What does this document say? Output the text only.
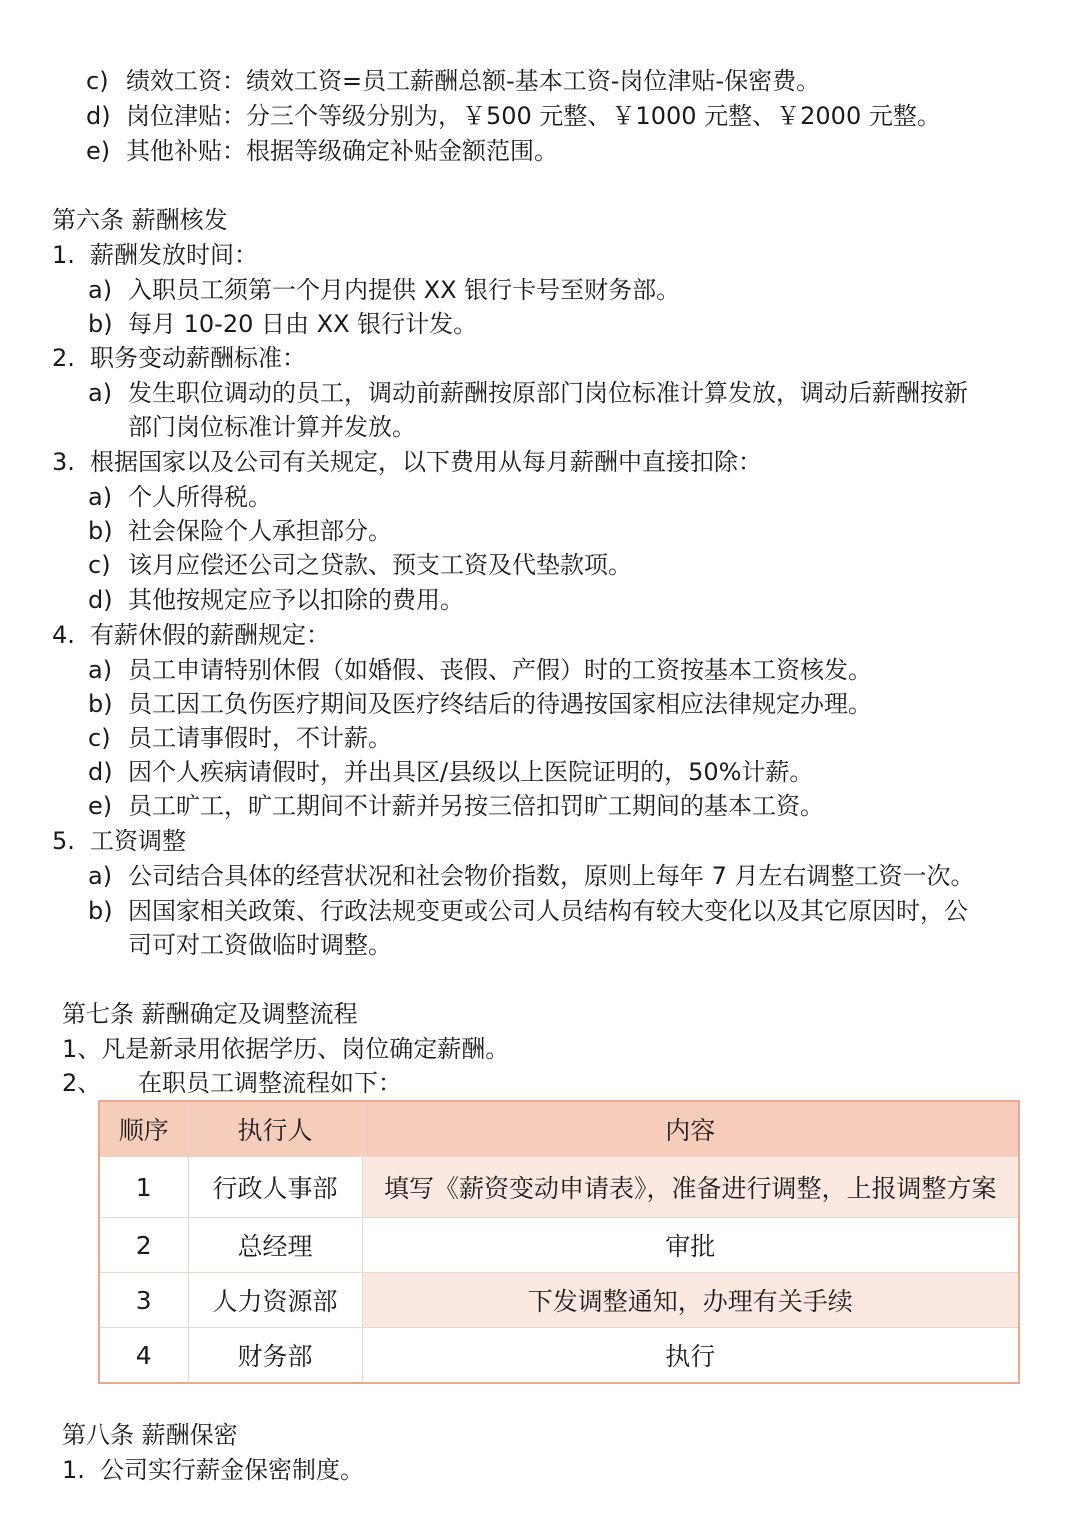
c) 绩效工资：绩效工资=员工薪酬总额-基本工资-岗位津贴-保密费。
d) 岗位津贴：分三个等级分别为，￥500 元整、￥1000 元整、￥2000 元整。
e) 其他补贴：根据等级确定补贴金额范围。
第六条 薪酬核发
1. 薪酬发放时间：
a) 入职员工须第一个月内提供 XX 银行卡号至财务部。
b) 每月 10-20 日由 XX 银行计发。
2. 职务变动薪酬标准：
a) 发生职位调动的员工，调动前薪酬按原部门岗位标准计算发放，调动后薪酬按新
部门岗位标准计算并发放。
3. 根据国家以及公司有关规定，以下费用从每月薪酬中直接扣除：
a) 个人所得税。
b) 社会保险个人承担部分。
c) 该月应偿还公司之贷款、预支工资及代垫款项。
d) 其他按规定应予以扣除的费用。
4. 有薪休假的薪酬规定：
a) 员工申请特别休假（如婚假、丧假、产假）时的工资按基本工资核发。
b) 员工因工负伤医疗期间及医疗终结后的待遇按国家相应法律规定办理。
c) 员工请事假时，不计薪。
d) 因个人疾病请假时，并出具区/县级以上医院证明的，50%计薪。
e) 员工旷工，旷工期间不计薪并另按三倍扣罚旷工期间的基本工资。
5. 工资调整
a) 公司结合具体的经营状况和社会物价指数，原则上每年 7 月左右调整工资一次。
b) 因国家相关政策、行政法规变更或公司人员结构有较大变化以及其它原因时，公
司可对工资做临时调整。
第七条 薪酬确定及调整流程
1、凡是新录用依据学历、岗位确定薪酬。
2、 在职员工调整流程如下：
顺序	执行人	内容
1	行政人事部	填写《薪资变动申请表》，准备进行调整，上报调整方案
2	总经理	审批
3	人力资源部	下发调整通知，办理有关手续
4	财务部	执行
第八条 薪酬保密
1. 公司实行薪金保密制度。
